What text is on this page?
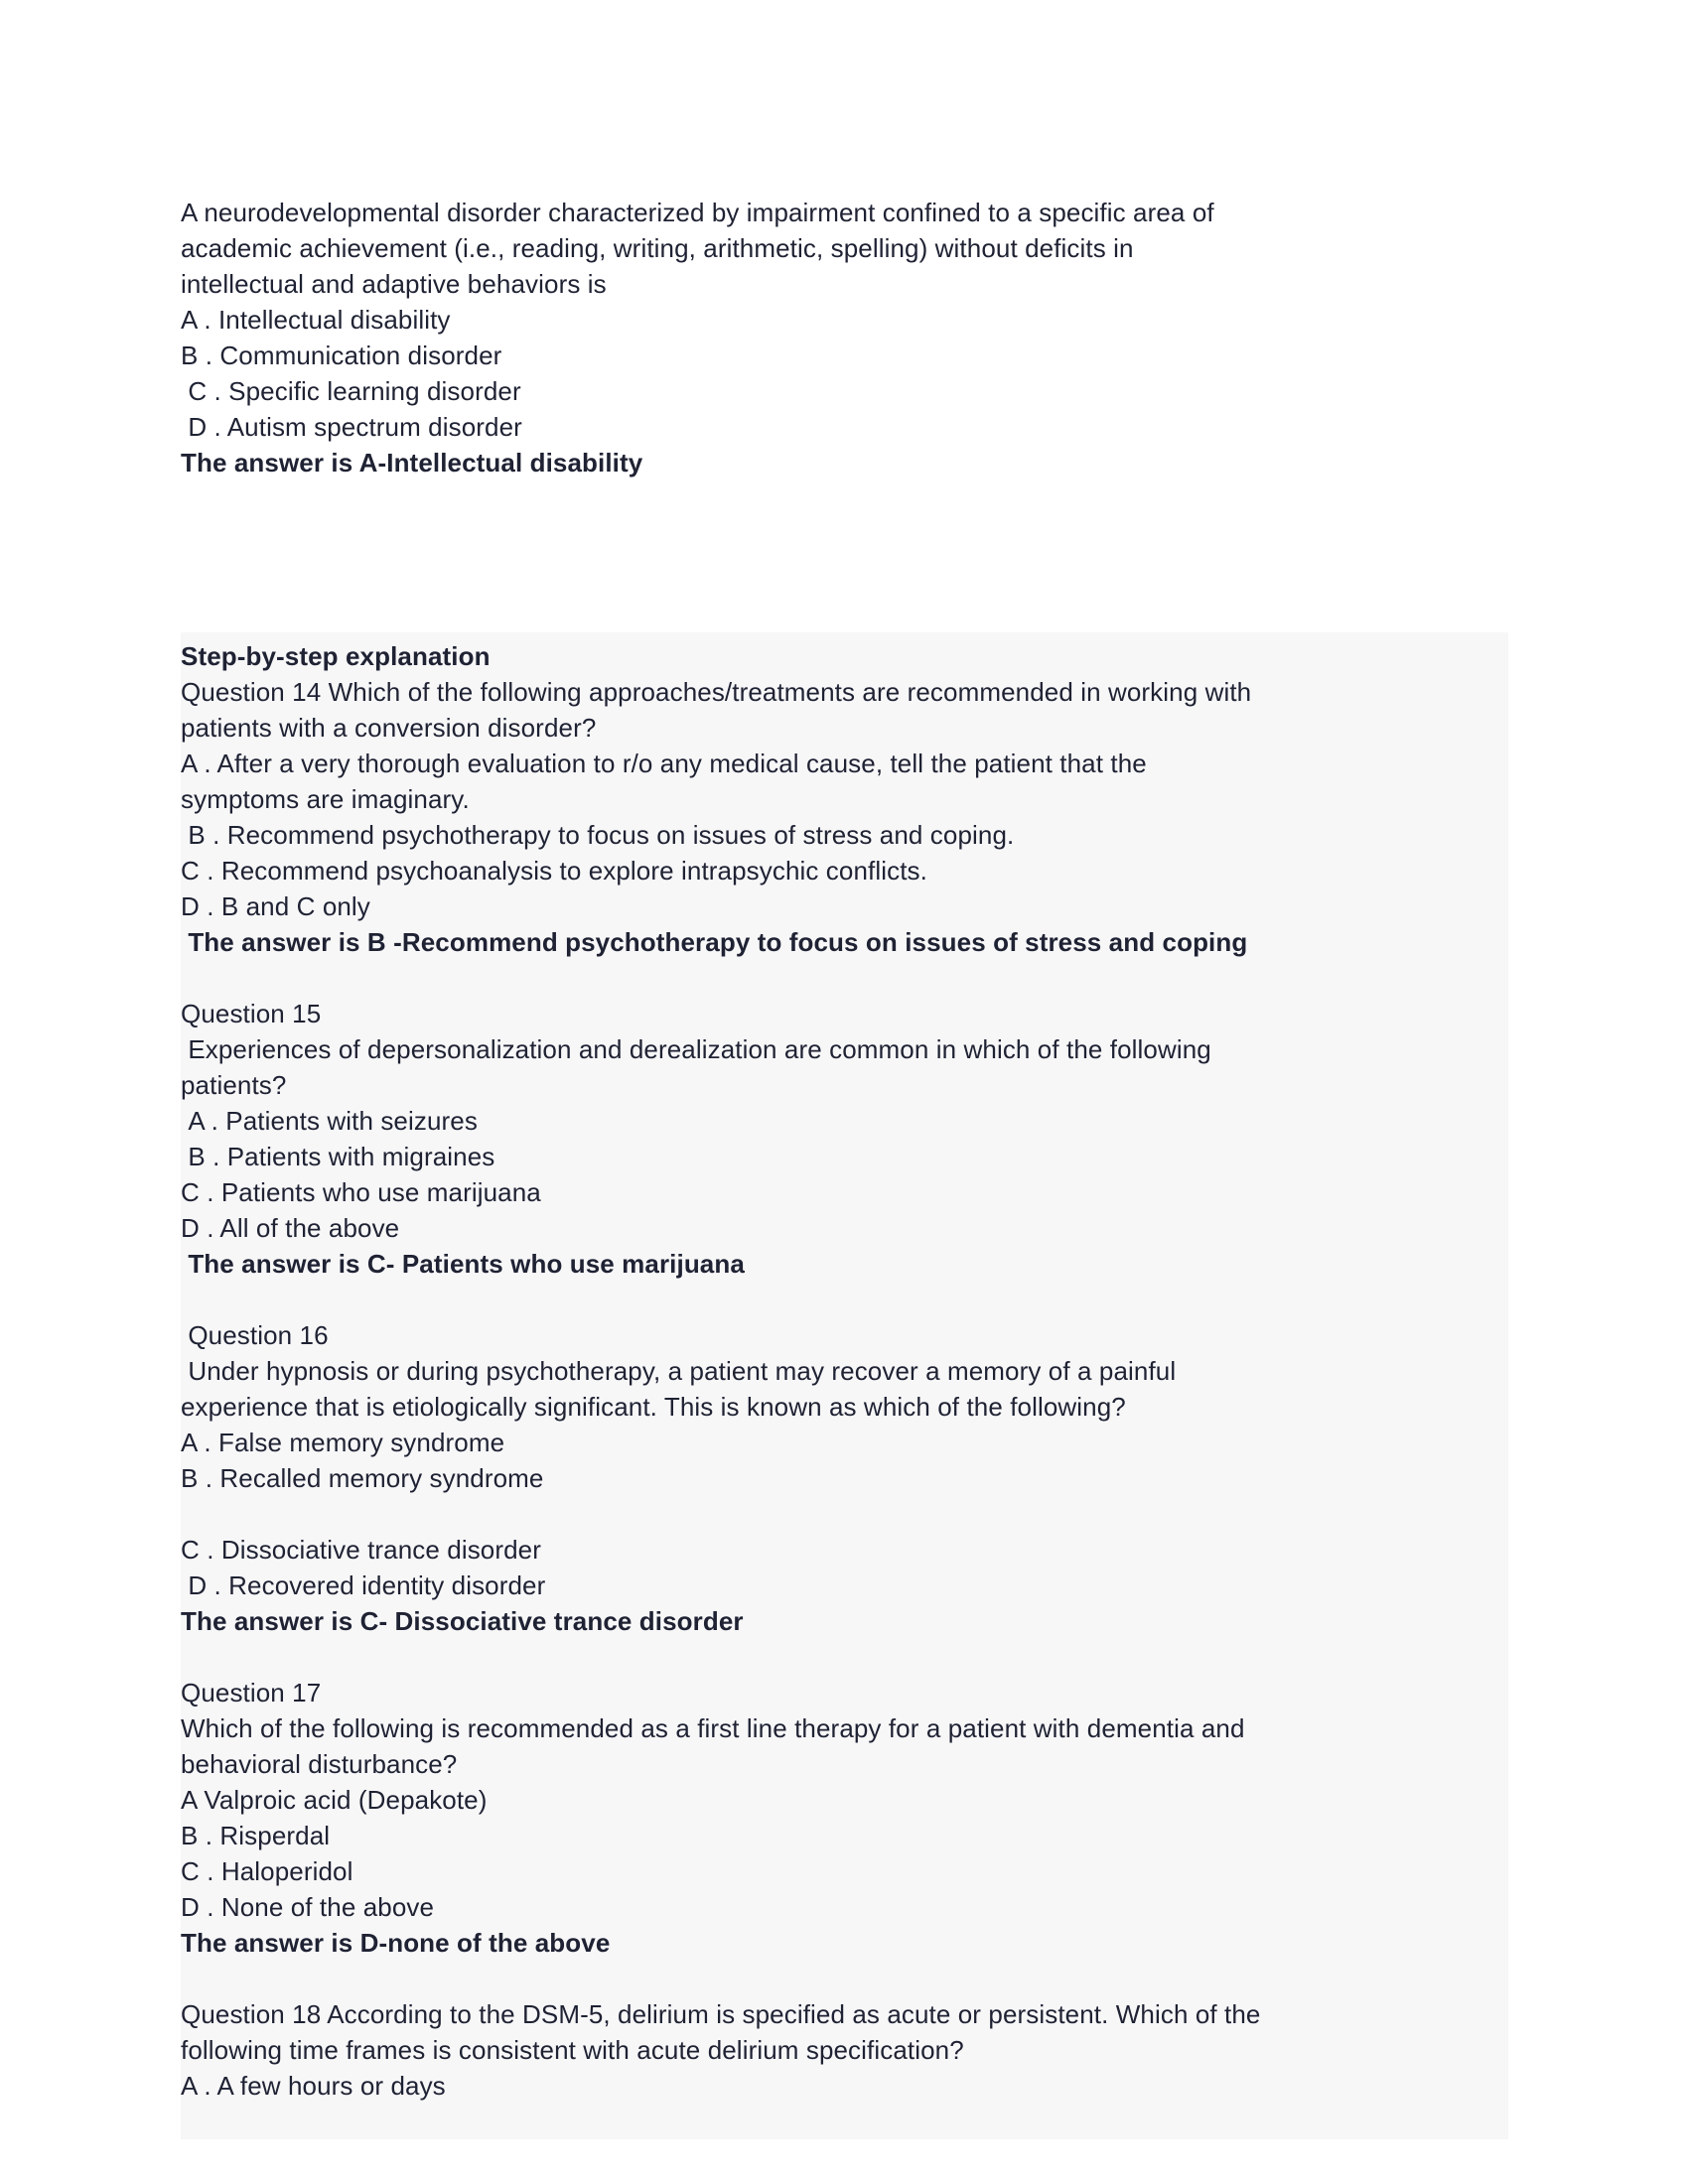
A neurodevelopmental disorder characterized by impairment confined to a specific area of
academic achievement (i.e., reading, writing, arithmetic, spelling) without deficits in
intellectual and adaptive behaviors is
A . Intellectual disability
B . Communication disorder
C . Specific learning disorder
D . Autism spectrum disorder
The answer is A-Intellectual disability
Step-by-step explanation
Question 14 Which of the following approaches/treatments are recommended in working with
patients with a conversion disorder?
A . After a very thorough evaluation to r/o any medical cause, tell the patient that the
symptoms are imaginary.
B . Recommend psychotherapy to focus on issues of stress and coping.
C . Recommend psychoanalysis to explore intrapsychic conflicts.
D . B and C only
The answer is B -Recommend psychotherapy to focus on issues of stress and coping
Question 15
Experiences of depersonalization and derealization are common in which of the following
patients?
A . Patients with seizures
B . Patients with migraines
C . Patients who use marijuana
D . All of the above
The answer is C- Patients who use marijuana
Question 16
Under hypnosis or during psychotherapy, a patient may recover a memory of a painful
experience that is etiologically significant. This is known as which of the following?
A . False memory syndrome
B . Recalled memory syndrome
C . Dissociative trance disorder
D . Recovered identity disorder
The answer is C- Dissociative trance disorder
Question 17
Which of the following is recommended as a first line therapy for a patient with dementia and
behavioral disturbance?
A Valproic acid (Depakote)
B . Risperdal
C . Haloperidol
D . None of the above
The answer is D-none of the above
Question 18 According to the DSM-5, delirium is specified as acute or persistent. Which of the
following time frames is consistent with acute delirium specification?
A . A few hours or days
